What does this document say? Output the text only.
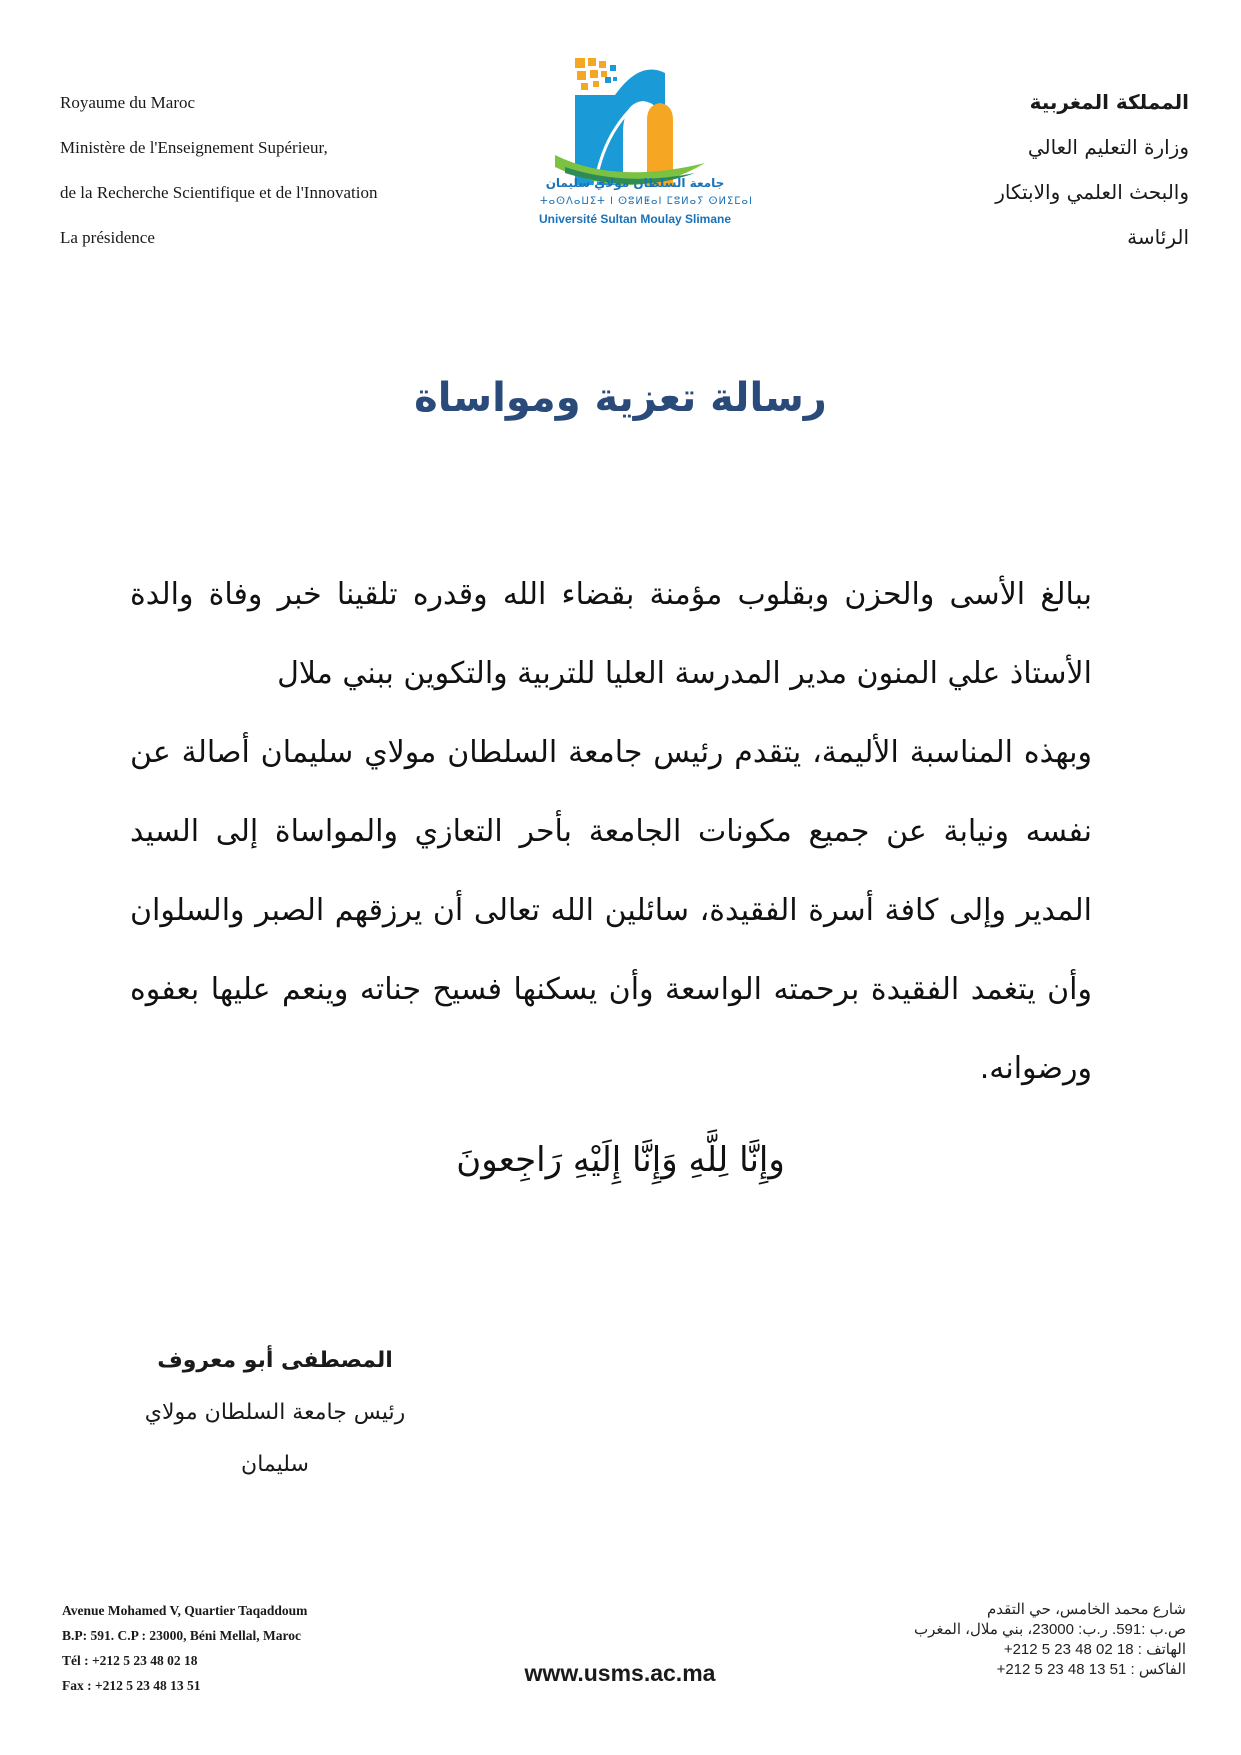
Royaume du Maroc
Ministère de l'Enseignement Supérieur,
de la Recherche Scientifique et de l'Innovation
La présidence
جامعة السلطان مولاي سليمان
ⵜⴰⵙⴷⴰⵡⵉⵜ ⵏ ⵙⵓⵍⵟⴰⵏ ⵎⵓⵍⴰⵢ ⵙⵍⵉⵎⴰⵏ
Université Sultan Moulay Slimane
المملكة المغربية
وزارة التعليم العالي
والبحث العلمي والابتكار
الرئاسة
رسالة تعزية ومواساة

ببالغ الأسى والحزن وبقلوب مؤمنة بقضاء الله وقدره تلقينا خبر وفاة والدة الأستاذ علي المنون مدير المدرسة العليا للتربية والتكوين ببني ملال

وبهذه المناسبة الأليمة، يتقدم رئيس جامعة السلطان مولاي سليمان أصالة عن نفسه ونيابة عن جميع مكونات الجامعة بأحر التعازي والمواساة إلى السيد المدير وإلى كافة أسرة الفقيدة، سائلين الله تعالى أن يرزقهم الصبر والسلوان وأن يتغمد الفقيدة برحمته الواسعة وأن يسكنها فسيح جناته وينعم عليها بعفوه ورضوانه.

وإِنَّا لِلَّهِ وَإِنَّا إِلَيْهِ رَاجِعونَ
المصطفى أبو معروف
رئيس جامعة السلطان مولاي سليمان
Avenue Mohamed V, Quartier Taqaddoum
B.P: 591. C.P : 23000, Béni Mellal, Maroc
Tél : +212 5 23 48 02 18
Fax : +212 5 23 48 13 51	www.usms.ac.ma
شارع محمد الخامس، حي التقدم
ص.ب :591. ر.ب: 23000، بني ملال، المغرب
الهاتف : 18 02 48 23 5 212+
الفاكس : 51 13 48 23 5 212+
